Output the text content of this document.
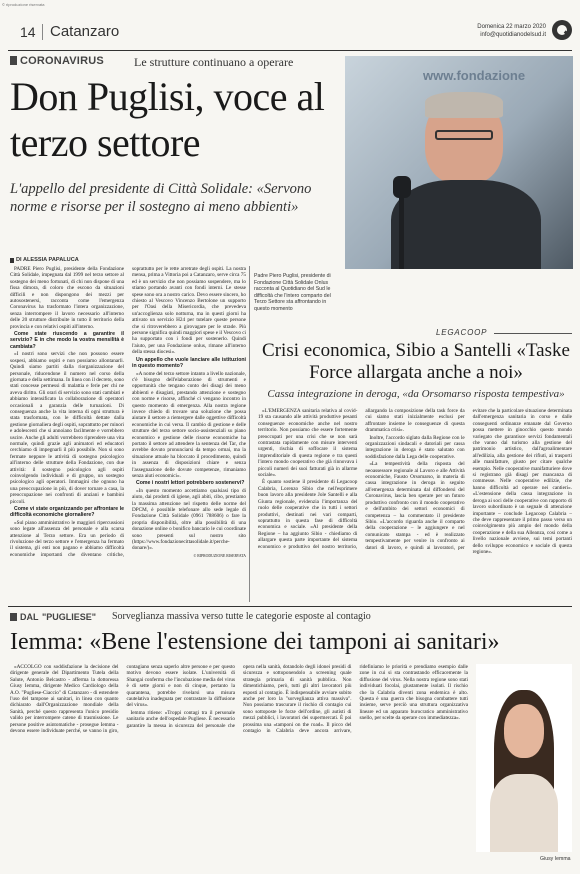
© riproduzione riservata
14 Catanzaro	Domenica 22 marzo 2020
info@quotidianodelsud.it
CORONAVIRUS	Le strutture continuano a operare
Don Puglisi, voce al terzo settore
L'appello del presidente di Città Solidale: «Servono norme e risorse per il sostegno ai meno abbienti»
www.fondazione
Padre Piero Puglisi, presidente di Fondazione Città Solidale Onlus racconta al Quotidiano del Sud le difficoltà che l'intero comparto del Terzo Settore sta affrontando in questo momento
DI ALESSIA PAPALUCA

PADRE Piero Puglisi, presidente della Fondazione Città Solidale, impegnata dal 1999 nel terzo settore al sostegno dei meno fortunati, di chi non dispone di una fissa dimora, di coloro che escono da situazioni difficili e non dispongono dei mezzi per autosostenersi, racconta come l'emergenza Coronavirus ha trasformato l'intera organizzazione, senza interrompere il lavoro necessario all'interno delle 20 strutture distribuite in tutto il territorio della provincia e con relativi ospiti all'interno.

Come state riuscendo a garantire il servizio? E in che modo la vostra mensilità è cambiata?

«I nostri sono servizi che non possono essere sospesi, abbiamo ospiti e non possiamo allontanarli. Quindi siamo partiti dalla riorganizzazione del personale, riducendone il numero nel corso della giornata e della settimana. In linea con il decreto, sono stati concesse permessi di malattia e ferie per chi ne aveva diritto. Gli orari di servizio sono stati cambiati e abbiamo intensificato la collaborazione di operatori occasionali a garanzia delle turnazioni. Di conseguenza anche la vita interna di ogni struttura è stata trasformata, con le difficoltà dettate dalla gestione giornaliera degli ospiti, soprattutto per minori e adolescenti che si annoiano facilmente e vorrebbero uscire. Anche gli adulti vorrebbero riprendere una vita normale, quindi grazie agli animatori ed educatori cerchiamo di impegnarli il più possibile. Non si sono fermate neppure le attività di sostegno psicologico all'interno delle strutture della Fondazione, con due attività: il sostegno psicologico agli ospiti coinvolgendo individuali e di gruppo, un sostegno psicologico agli operatori. Immagini che ognuno ha una preoccupazione in più, di dover tornare a casa, la preoccupazione nei confronti di anziani e bambini piccoli.

Come vi state organizzando per affrontare le difficoltà economiche giornaliere?

«Sul piano amministrativo le maggiori ripercussioni sono legate all'assenza del personale e alla scarsa attenzione al Terzo settore. Era un periodo di rivoluzione del terzo settore e l'emergenza ha fermato il sistema, gli enti non pagano e abbiamo difficoltà economiche importanti che diventano critiche, soprattutto per le rette arretrate degli ospiti. La nostra mensa, prima a Vittoria poi a Catanzaro, serve circa 75 ed è un servizio che non possiamo sospendere, ma lo stiamo portando avanti con fondi interni. Le stesse spese sono ora a nostro carico. Devo essere sincero, ho chiesto al Vescovo Vincenzo Bertolone un supporto per l'Oasi della Misericordia, che prevedeva un'accoglienza solo notturna, ma in questi giorni ha attivato un servizio H24 per tutelare queste persone che si ritroverebbero a girovagare per le strade. Più persone significa quindi maggiori spese e il Vescovo ci ha supportato con i fondi per sostenerlo. Quindi l'aiuto, per una Fondazione onlus, rimane all'interno della stessa diocesi».

Un appello che vuole lanciare alle istituzioni in questo momento?

«A nome del terzo settore intanto a livello nazionale, c'è bisogno dell'elaborazione di strumenti e opportunità che tengano conto dei disagi dei meno abbienti e disagiati, prestando attenzione e sostegno con norme e risorse, affinché ci vengano incontro in questo momento di emergenza. Alla nostra regione invece chiedo di trovare una soluzione che possa aiutare il settore a riemergere dalle oggettive difficoltà economiche in cui versa. Il cambio di gestione e delle strutture del terzo settore socio-assistenziali su piano economico e gestione delle risorse economiche ha portato il settore ad attendere la sentenza del Tar, che avrebbe dovuto pronunciarsi da tempo ormai, ma la situazione attuale ha bloccato il procedimento, quindi in assenza di disposizioni chiare e senza l'assegnazione delle dovute competenze, rimaniamo senza aiuti economici».

Come i nostri lettori potrebbero sostenervi?

«In questo momento accettiamo qualsiasi tipo di aiuto, dai prodotti di igiene, agli abiti, cibo, prestiamo la massima attenzione nel rispetto delle norme del DPCM, è possibile telefonare allo sede legale di Fondazione Città Solidale (0961 788606) o fare la propria disponibilità, oltre alla possibilità di una donazione online o bonifico bancario le cui coordinate sono presenti sul nostro sito (https://www.fondazionecittasolidale.it/perche-donare/)».

© RIPRODUZIONE RISERVATA

LEGACOOP
Crisi economica, Sibio a Santelli «Taske Force allargata anche a noi»
Cassa integrazione in deroga, «da Orsomarso risposta tempestiva»

«L'EMERGENZA sanitaria relativa al covid-19 sta causando alle attività produttive pesanti conseguenze economiche anche nel nostro territorio. Non possiamo che essere fortemente preoccupati per una crisi che se non sarà contrastata rapidamente con misure interventi urgenti, rischia di soffocare il sistema imprenditoriale di questa regione e tra questi l'intero mondo cooperativo che già rinnovava i piccoli numeri dei suoi fatturati già in allarme sociale».

È quanto sostiene il presidente di Legacoop Calabria, Lorenzo Sibio che nell'esprimere buon lavoro alla presidente Jole Santelli e alla Giunta regionale, evidenzia l'importanza del ruolo delle cooperative che in tutti i settori produttivi, destinati nei vari comparti, soprattutto in questa fase di difficoltà economica e sociale. «Al presidente della Regione – ha aggiunto Sibio - chiediamo di allargare questa parte importante del sistema economico e produttivo del nostro territorio, allargando la composizione della task force da cui siamo stati inizialmente esclusi per affrontare insieme le conseguenze di questa drammatica crisi».

Inoltre, l'accordo siglato dalla Regione con le organizzazioni sindacali e datoriali per cassa integrazione in deroga è stato salutato con soddisfazione dalla Lega delle cooperative.

«La tempestività della risposta del neoassessore regionale al Lavoro e alle Attività economiche, Fausto Orsomarso, in materia di cassa integrazione in deroga in seguito all'emergenza determinata dal diffondersi del Coronavirus, lascia ben sperare per un futuro produttivo confronto con il mondo cooperativo e dell'ambito dei settori economici di competenza – ha commentato il presidente Sibio. «L'accordo riguarda anche il comparto della cooperazione – le aggiungere e nel comunicato stampa - ed è realizzato tempestivamente per venire in confronto ai datori di lavoro, e quindi ai lavoratori, per evitare che la particolare situazione determinata dall'emergenza sanitaria in corso e dalle conseguenti ordinanze emanate dal Governo possa mettere in ginocchio questo mondo variegato che garantisce servizi fondamentali che vanno dal turismo alla gestione del patrimonio artistico, dall'agroalimentare all'edilizia, alla gestione dei rifiuti, ai trasporti alle manifatture, giusto per citare qualche esempio. Nelle cooperative manifatturiere dove si registrano già disagi per mancanza di commesse. Nelle cooperative edilizie, che hanno difficoltà ad operare nei cantieri». «L'estensione della cassa integrazione in deroga ai soci delle cooperative con rapporto di lavoro subordinato è un segnale di attenzione importante – conclude Legacoop Calabria – che deve rappresentare il primo passo verso un coinvolgimento più ampio del mondo della cooperazione e della sua Alleanza, così come a livello nazionale avviene, sui temi portanti dello sviluppo economico e sociale di questa regione».

DAL "PUGLIESE" Sorveglianza massiva verso tutte le categorie esposte al contagio
Iemma: «Bene l'estensione dei tamponi ai sanitari»

«ACCOLGO con soddisfazione la decisione del dirigente generale del Dipartimento Tutela della Salute, Antonio Belcastro - afferma la dottoressa Giusy Iemma, dirigente Medico Cardiologo della A.O. "Pugliese-Ciaccio" di Catanzaro - di estendere l'uso del tampone ai sanitari, in linea con quanto dichiarato dall'Organizzazione mondiale della Sanità, perché questo rappresenta l'unico presidio valido per interrompere catene di trasmissione. Le persone positive asintomatiche - prosegue Iemma - devono essere individuate perché, se vanno in giro, contagiano senza saperlo altre persone e per questo motivo devono essere isolate. L'università di Shangai conferma che l'incubazione media del virus è di sette giorni e non di cinque, pertanto la quarantena, potrebbe rivelarsi una misura cautelativa inadeguata per contrastare la diffusione del virus».

Iemma ritiene: «Troppi contagi tra il personale sanitario anche dell'ospedale Pugliese. È necessario garantire la messa in sicurezza del personale che opera nella sanità, dotandolo degli idonei presidi di sicurezza e sottoponendolo a screening quale strategia primaria di sanità pubblica. Non dimentichiamo, però, tutti gli altri lavoratori più esposti al contagio. È indispensabile avviare subito anche per loro la "sorveglianza attiva massiva". Non possiamo trascurare il rischio di contagio cui sono sottoposte le forze dell'ordine, gli autisti di mezzi pubblici, i lavoratori dei supermercati. È poi prossima una «tamponi on the road». Il picco del contagio in Calabria deve ancora arrivare, ridefiniamo le priorità e prendiamo esempio dalle zone in cui si sta contrastando efficacemente la diffusione del virus. Nella nostra regione sono stati individuati focolai, giustamente isolati. Il rischio che la Calabria diventi zona endemica è alto. Questa è una guerra che bisogna combattere tutti insieme, serve perciò una struttura organizzativa lineare ed un apparato burocratico amministrativo snello, per scelte da operare con immediatezza».

Giusy Iemma
